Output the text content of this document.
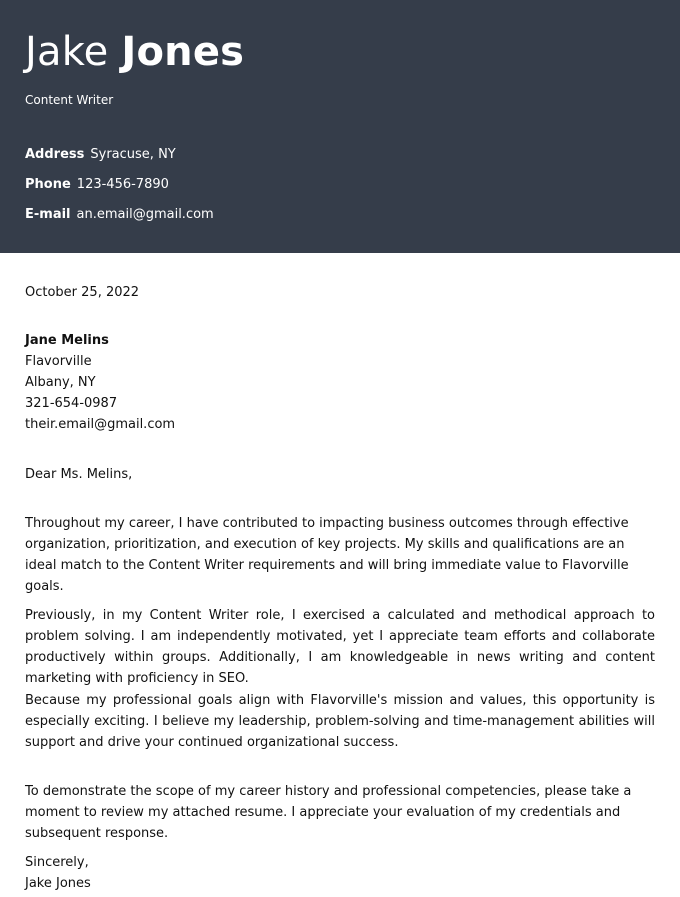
Jake Jones
Content Writer
Address Syracuse, NY
Phone 123-456-7890
E-mail an.email@gmail.com
October 25, 2022
Jane Melins
Flavorville
Albany, NY
321-654-0987
their.email@gmail.com
Dear Ms. Melins,
Throughout my career, I have contributed to impacting business outcomes through effective organization, prioritization, and execution of key projects. My skills and qualifications are an ideal match to the Content Writer requirements and will bring immediate value to Flavorville goals.
Previously, in my Content Writer role, I exercised a calculated and methodical approach to problem solving. I am independently motivated, yet I appreciate team efforts and collaborate productively within groups. Additionally, I am knowledgeable in news writing and content marketing with proficiency in SEO.
Because my professional goals align with Flavorville's mission and values, this opportunity is especially exciting. I believe my leadership, problem-solving and time-management abilities will support and drive your continued organizational success.
To demonstrate the scope of my career history and professional competencies, please take a moment to review my attached resume. I appreciate your evaluation of my credentials and subsequent response.
Sincerely,
Jake Jones
